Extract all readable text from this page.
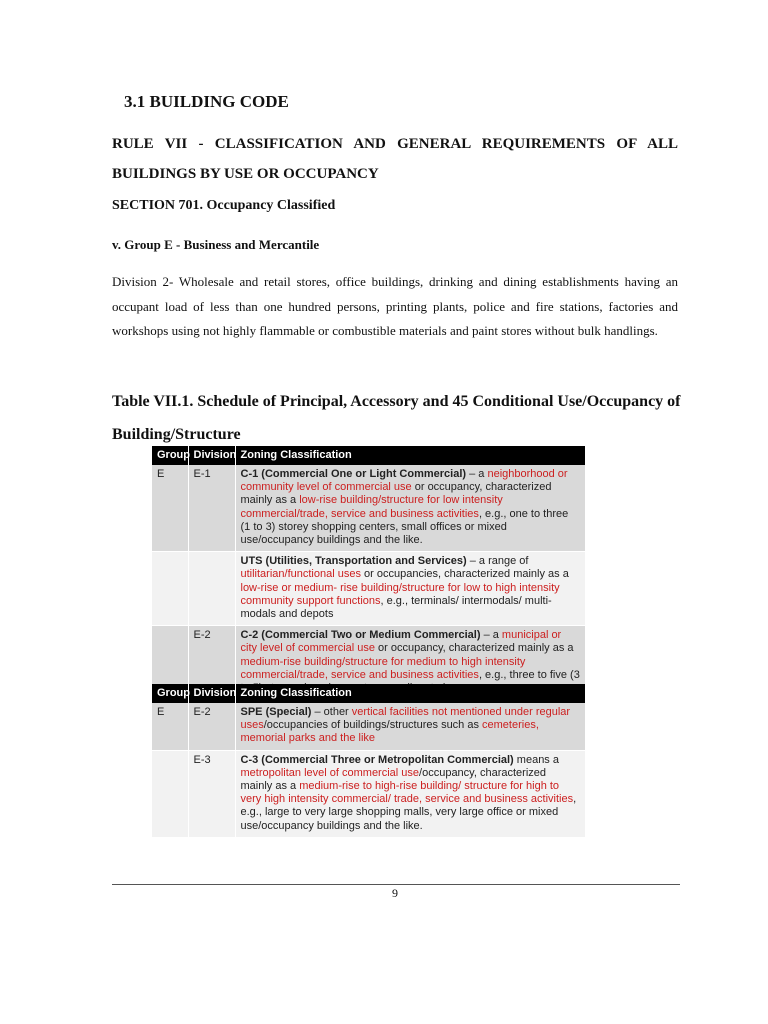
3.1 BUILDING CODE

RULE VII - CLASSIFICATION AND GENERAL REQUIREMENTS OF ALL BUILDINGS BY USE OR OCCUPANCY

SECTION 701. Occupancy Classified

v. Group E - Business and Mercantile

Division 2- Wholesale and retail stores, office buildings, drinking and dining establishments having an occupant load of less than one hundred persons, printing plants, police and fire stations, factories and workshops using not highly flammable or combustible materials and paint stores without bulk handlings.

Table VII.1. Schedule of Principal, Accessory and 45 Conditional Use/Occupancy of Building/Structure

Group	Division	Zoning Classification
E	E-1	C-1 (Commercial One or Light Commercial) – a neighborhood or community level of commercial use or occupancy, characterized mainly as a low-rise building/structure for low intensity commercial/trade, service and business activities, e.g., one to three (1 to 3) storey shopping centers, small offices or mixed use/occupancy buildings and the like.
		UTS (Utilities, Transportation and Services) – a range of utilitarian/functional uses or occupancies, characterized mainly as a low-rise or medium- rise building/structure for low to high intensity community support functions, e.g., terminals/ intermodals/ multi-modals and depots
	E-2	C-2 (Commercial Two or Medium Commercial) – a municipal or city level of commercial use or occupancy, characterized mainly as a medium-rise building/structure for medium to high intensity commercial/trade, service and business activities, e.g., three to five (3
Group	Division	Zoning Classification
E	E-2	SPE (Special) – other vertical facilities not mentioned under regular uses/occupancies of buildings/structures such as cemeteries, memorial parks and the like
	E-3	C-3 (Commercial Three or Metropolitan Commercial) means a metropolitan level of commercial use/occupancy, characterized mainly as a medium-rise to high-rise building/ structure for high to very high intensity commercial/ trade, service and business activities, e.g., large to very large shopping malls, very large office or mixed use/occupancy buildings and the like.
9
